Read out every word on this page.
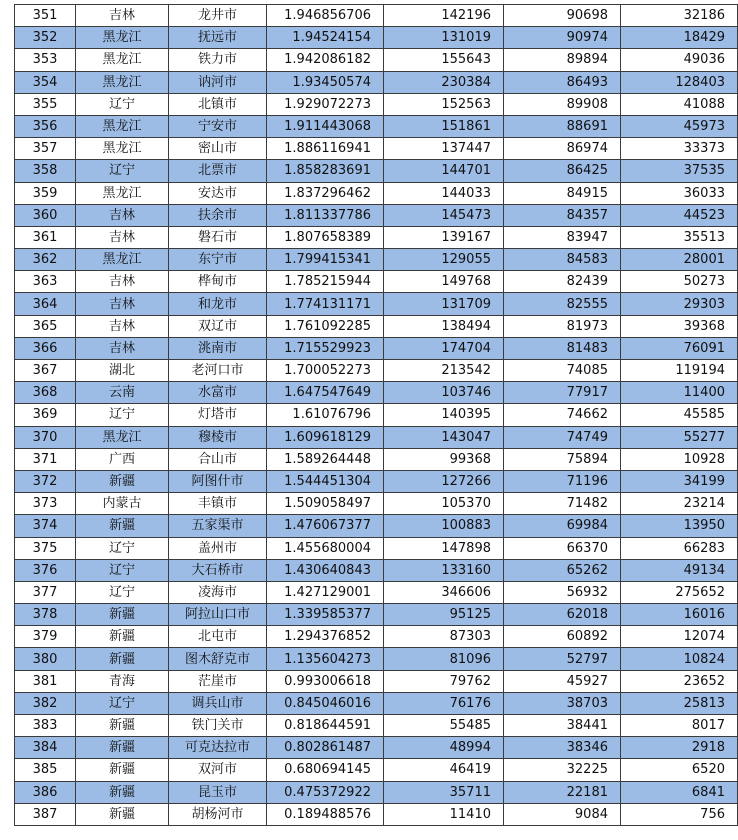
351	吉林	龙井市	1.946856706	142196	90698	32186
352	黑龙江	抚远市	1.94524154	131019	90974	18429
353	黑龙江	铁力市	1.942086182	155643	89894	49036
354	黑龙江	讷河市	1.93450574	230384	86493	128403
355	辽宁	北镇市	1.929072273	152563	89908	41088
356	黑龙江	宁安市	1.911443068	151861	88691	45973
357	黑龙江	密山市	1.886116941	137447	86974	33373
358	辽宁	北票市	1.858283691	144701	86425	37535
359	黑龙江	安达市	1.837296462	144033	84915	36033
360	吉林	扶余市	1.811337786	145473	84357	44523
361	吉林	磐石市	1.807658389	139167	83947	35513
362	黑龙江	东宁市	1.799415341	129055	84583	28001
363	吉林	桦甸市	1.785215944	149768	82439	50273
364	吉林	和龙市	1.774131171	131709	82555	29303
365	吉林	双辽市	1.761092285	138494	81973	39368
366	吉林	洮南市	1.715529923	174704	81483	76091
367	湖北	老河口市	1.700052273	213542	74085	119194
368	云南	水富市	1.647547649	103746	77917	11400
369	辽宁	灯塔市	1.61076796	140395	74662	45585
370	黑龙江	穆棱市	1.609618129	143047	74749	55277
371	广西	合山市	1.589264448	99368	75894	10928
372	新疆	阿图什市	1.544451304	127266	71196	34199
373	内蒙古	丰镇市	1.509058497	105370	71482	23214
374	新疆	五家渠市	1.476067377	100883	69984	13950
375	辽宁	盖州市	1.455680004	147898	66370	66283
376	辽宁	大石桥市	1.430640843	133160	65262	49134
377	辽宁	凌海市	1.427129001	346606	56932	275652
378	新疆	阿拉山口市	1.339585377	95125	62018	16016
379	新疆	北屯市	1.294376852	87303	60892	12074
380	新疆	图木舒克市	1.135604273	81096	52797	10824
381	青海	茫崖市	0.993006618	79762	45927	23652
382	辽宁	调兵山市	0.845046016	76176	38703	25813
383	新疆	铁门关市	0.818644591	55485	38441	8017
384	新疆	可克达拉市	0.802861487	48994	38346	2918
385	新疆	双河市	0.680694145	46419	32225	6520
386	新疆	昆玉市	0.475372922	35711	22181	6841
387	新疆	胡杨河市	0.189488576	11410	9084	756
